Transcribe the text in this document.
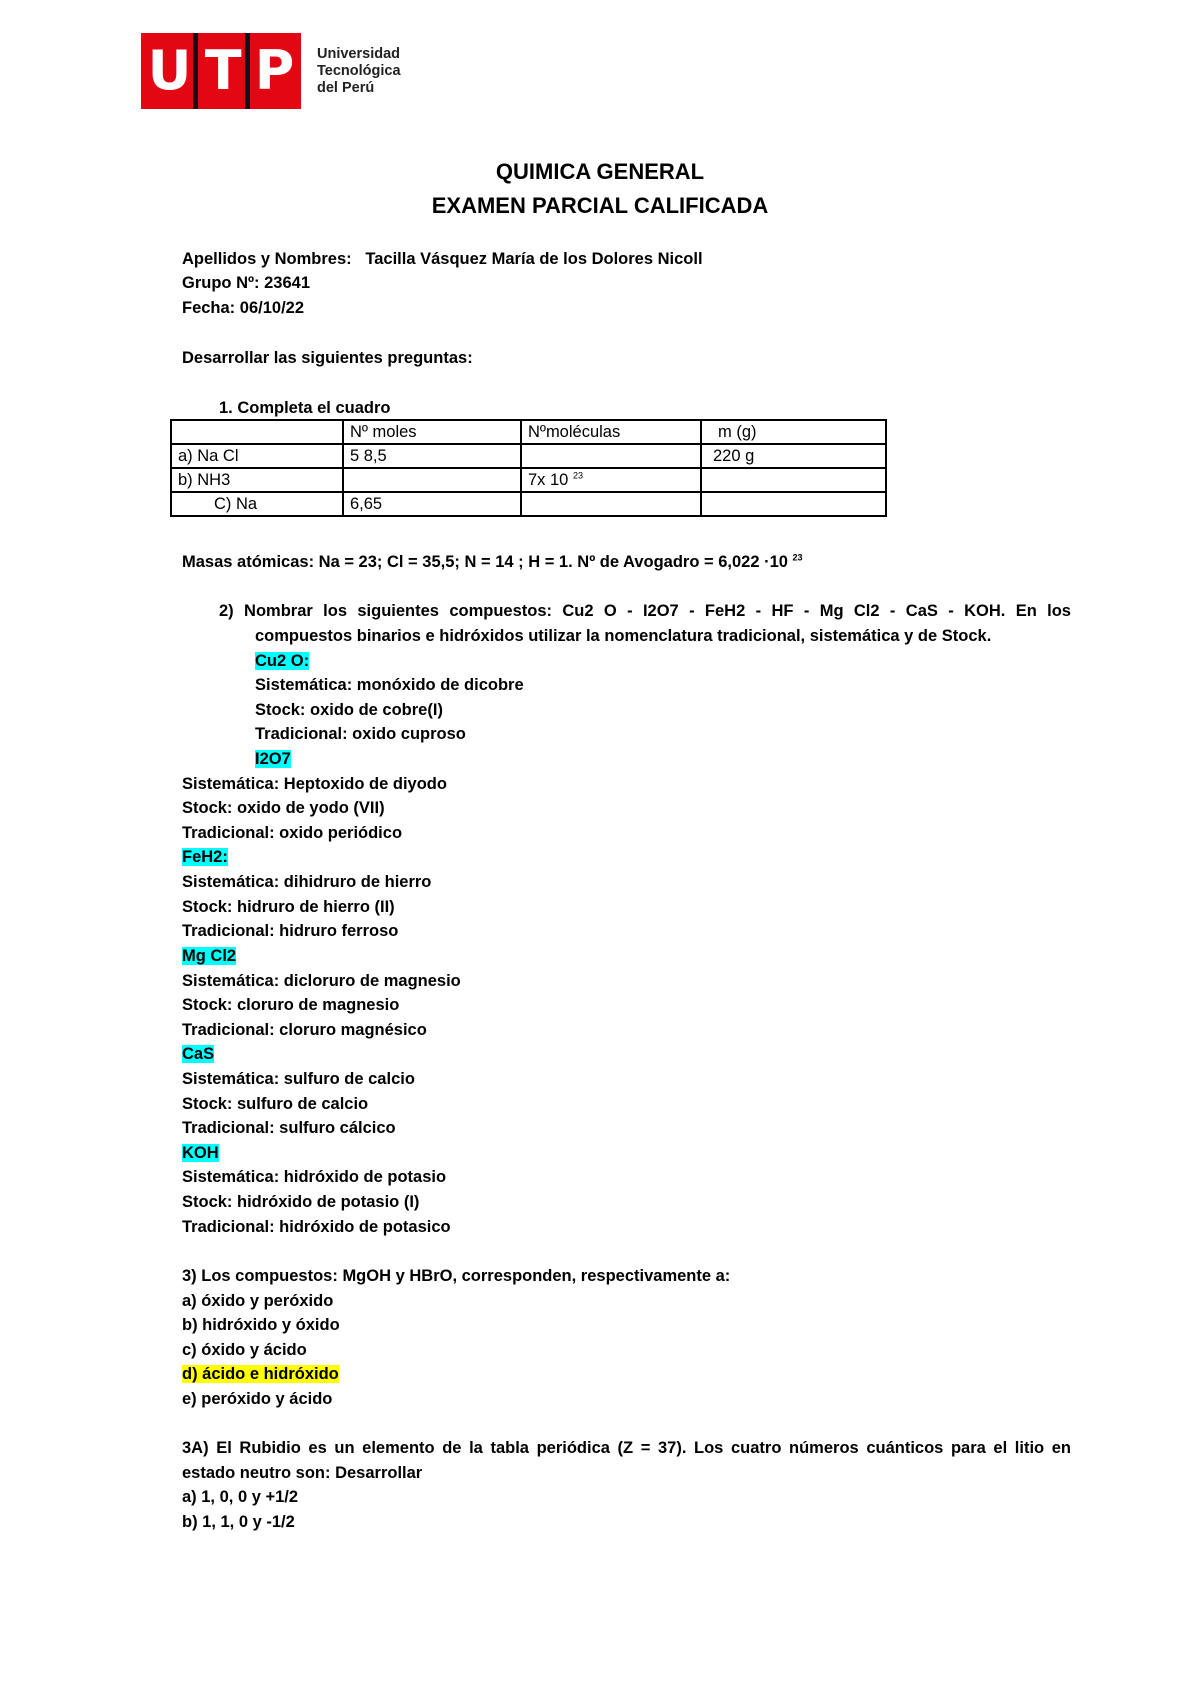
U T P Universidad
Tecnológica
del Perú
QUIMICA GENERAL
EXAMEN PARCIAL CALIFICADA
Apellidos y Nombres: Tacilla Vásquez María de los Dolores Nicoll
Grupo Nº: 23641
Fecha: 06/10/22
Desarrollar las siguientes preguntas:
1. Completa el cuadro
	Nº moles	Nºmoléculas	m (g)
a) Na Cl	5 8,5		220 g
b) NH3		7x 10 $^{23}$	
C) Na	6,65		
Masas atómicas: Na = 23; Cl = 35,5; N = 14 ; H = 1. Nº de Avogadro = 6,022 ·10 $^{23}$
2) Nombrar los siguientes compuestos: Cu2 O - I2O7 - FeH2 - HF - Mg Cl2 - CaS - KOH. En los
compuestos binarios e hidróxidos utilizar la nomenclatura tradicional, sistemática y de Stock.
Cu2 O:
Sistemática: monóxido de dicobre
Stock: oxido de cobre(I)
Tradicional: oxido cuproso
I2O7
Sistemática: Heptoxido de diyodo
Stock: oxido de yodo (VII)
Tradicional: oxido periódico
FeH2:
Sistemática: dihidruro de hierro
Stock: hidruro de hierro (II)
Tradicional: hidruro ferroso
Mg Cl2
Sistemática: dicloruro de magnesio
Stock: cloruro de magnesio
Tradicional: cloruro magnésico
CaS
Sistemática: sulfuro de calcio
Stock: sulfuro de calcio
Tradicional: sulfuro cálcico
KOH
Sistemática: hidróxido de potasio
Stock: hidróxido de potasio (I)
Tradicional: hidróxido de potasico
3) Los compuestos: MgOH y HBrO, corresponden, respectivamente a:
a) óxido y peróxido
b) hidróxido y óxido
c) óxido y ácido
d) ácido e hidróxido
e) peróxido y ácido
3A) El Rubidio es un elemento de la tabla periódica (Z = 37). Los cuatro números cuánticos para el litio en
estado neutro son: Desarrollar
a) 1, 0, 0 y +1/2
b) 1, 1, 0 y -1/2
